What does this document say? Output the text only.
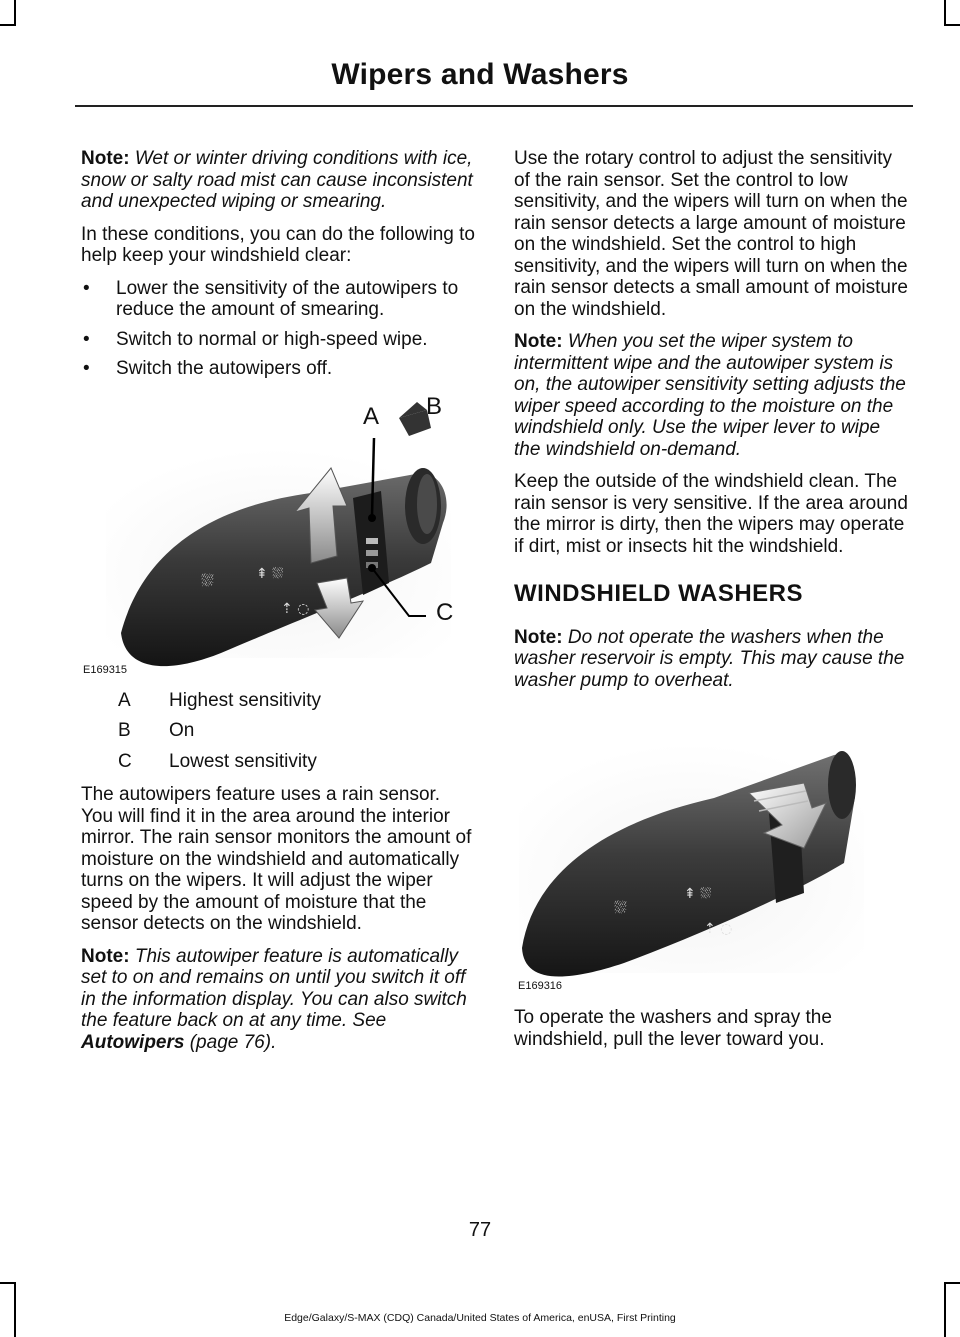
Wipers and Washers

Note: Wet or winter driving conditions with ice, snow or salty road mist can cause inconsistent and unexpected wiping or smearing.

In these conditions, you can do the following to help keep your windshield clear:

• Lower the sensitivity of the autowipers to reduce the amount of smearing.
• Switch to normal or high-speed wipe.
• Switch the autowipers off.
⛆	⇞ ⛆
⇡ ◌
A B
C
E169315
A	Highest sensitivity
B	On
C	Lowest sensitivity

The autowipers feature uses a rain sensor. You will find it in the area around the interior mirror. The rain sensor monitors the amount of moisture on the windshield and automatically turns on the wipers. It will adjust the wiper speed by the amount of moisture that the sensor detects on the windshield.

Note: This autowiper feature is automatically set to on and remains on until you switch it off in the information display. You can also switch the feature back on at any time. See Autowipers (page 76).

Use the rotary control to adjust the sensitivity of the rain sensor. Set the control to low sensitivity, and the wipers will turn on when the rain sensor detects a large amount of moisture on the windshield. Set the control to high sensitivity, and the wipers will turn on when the rain sensor detects a small amount of moisture on the windshield.

Note: When you set the wiper system to intermittent wipe and the autowiper system is on, the autowiper sensitivity setting adjusts the wiper speed according to the moisture on the windshield only. Use the wiper lever to wipe the windshield on-demand.

Keep the outside of the windshield clean. The rain sensor is very sensitive. If the area around the mirror is dirty, then the wipers may operate if dirt, mist or insects hit the windshield.

WINDSHIELD WASHERS

Note: Do not operate the washers when the washer reservoir is empty. This may cause the washer pump to overheat.

⛆
⇞ ⛆
⇡ ◌
E169316

To operate the washers and spray the windshield, pull the lever toward you.

77
Edge/Galaxy/S-MAX (CDQ) Canada/United States of America, enUSA, First Printing
